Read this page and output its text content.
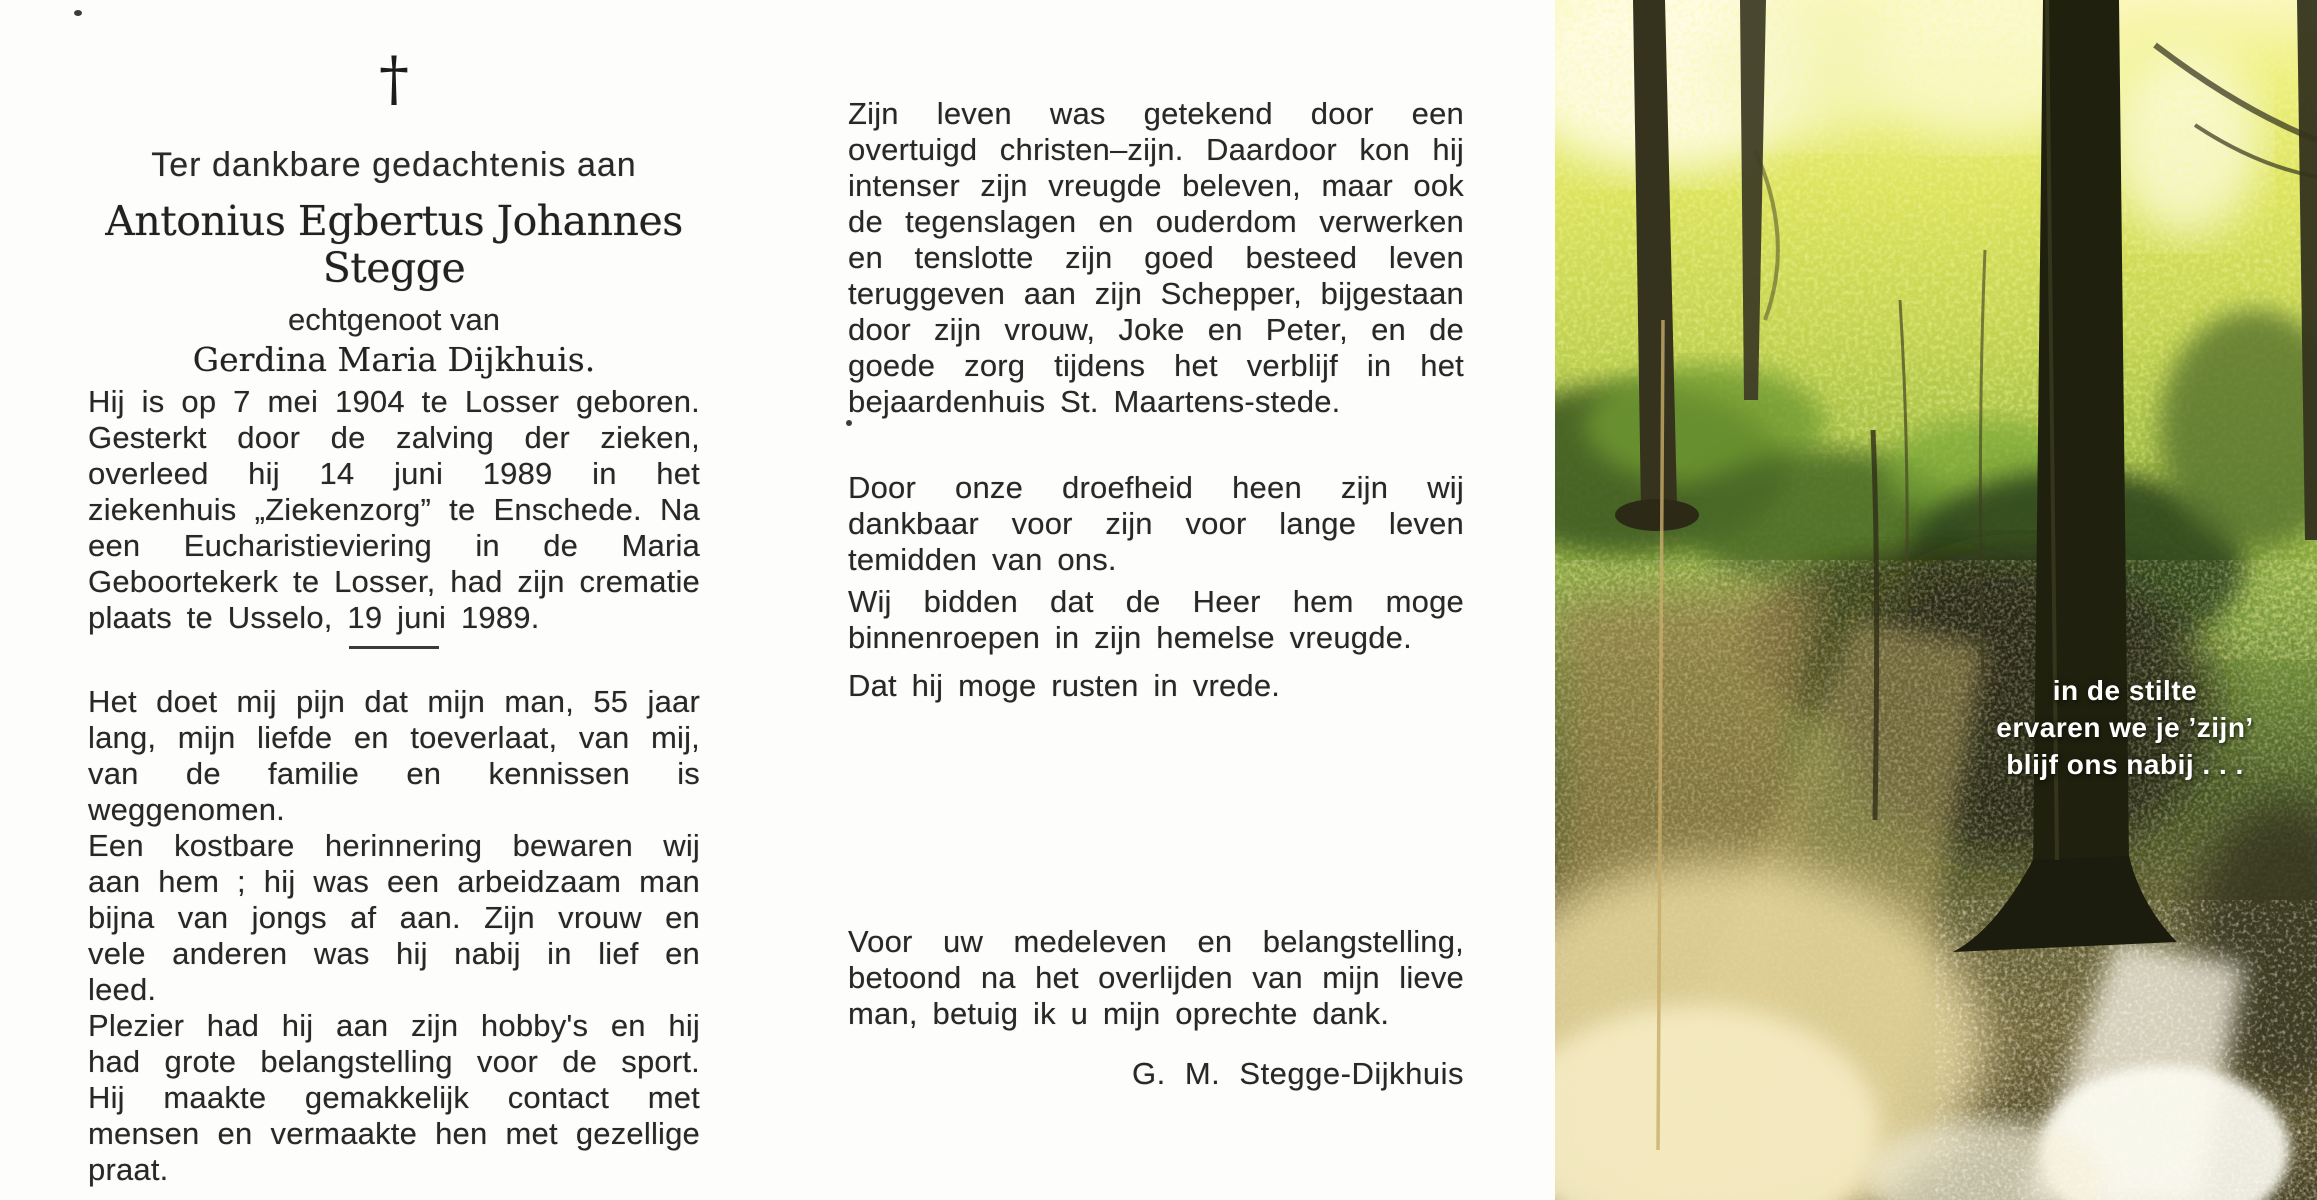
†
Ter dankbare gedachtenis aan
Antonius Egbertus Johannes
Stegge
echtgenoot van
Gerdina Maria Dijkhuis.

Hij is op 7 mei 1904 te Losser geboren. Gesterkt door de zalving der zieken, overleed hij 14 juni 1989 in het ziekenhuis „Ziekenzorg” te Enschede. Na een Eucharistieviering in de Maria Geboortekerk te Losser, had zijn crematie plaats te Usselo, 19 juni 1989.

Het doet mij pijn dat mijn man, 55 jaar lang, mijn liefde en toeverlaat, van mij, van de familie en kennissen is weggenomen.

Een kostbare herinnering bewaren wij aan hem ; hij was een arbeidzaam man bijna van jongs af aan. Zijn vrouw en vele anderen was hij nabij in lief en leed.

Plezier had hij aan zijn hobby's en hij had grote belangstelling voor de sport. Hij maakte gemakkelijk contact met mensen en vermaakte hen met gezellige praat.

Zijn leven was getekend door een overtuigd christen–zijn. Daardoor kon hij intenser zijn vreugde beleven, maar ook de tegenslagen en ouderdom verwerken en tenslotte zijn goed besteed leven teruggeven aan zijn Schepper, bijgestaan door zijn vrouw, Joke en Peter, en de goede zorg tijdens het verblijf in het bejaardenhuis St. Maartens-stede.

Door onze droefheid heen zijn wij dankbaar voor zijn voor lange leven temidden van ons.

Wij bidden dat de Heer hem moge binnenroepen in zijn hemelse vreugde.

Dat hij moge rusten in vrede.

Voor uw medeleven en belangstelling, betoond na het overlijden van mijn lieve man, betuig ik u mijn oprechte dank.

G. M. Stegge-Dijkhuis
in de stilte
ervaren we je ’zijn’
blijf ons nabij . . .
